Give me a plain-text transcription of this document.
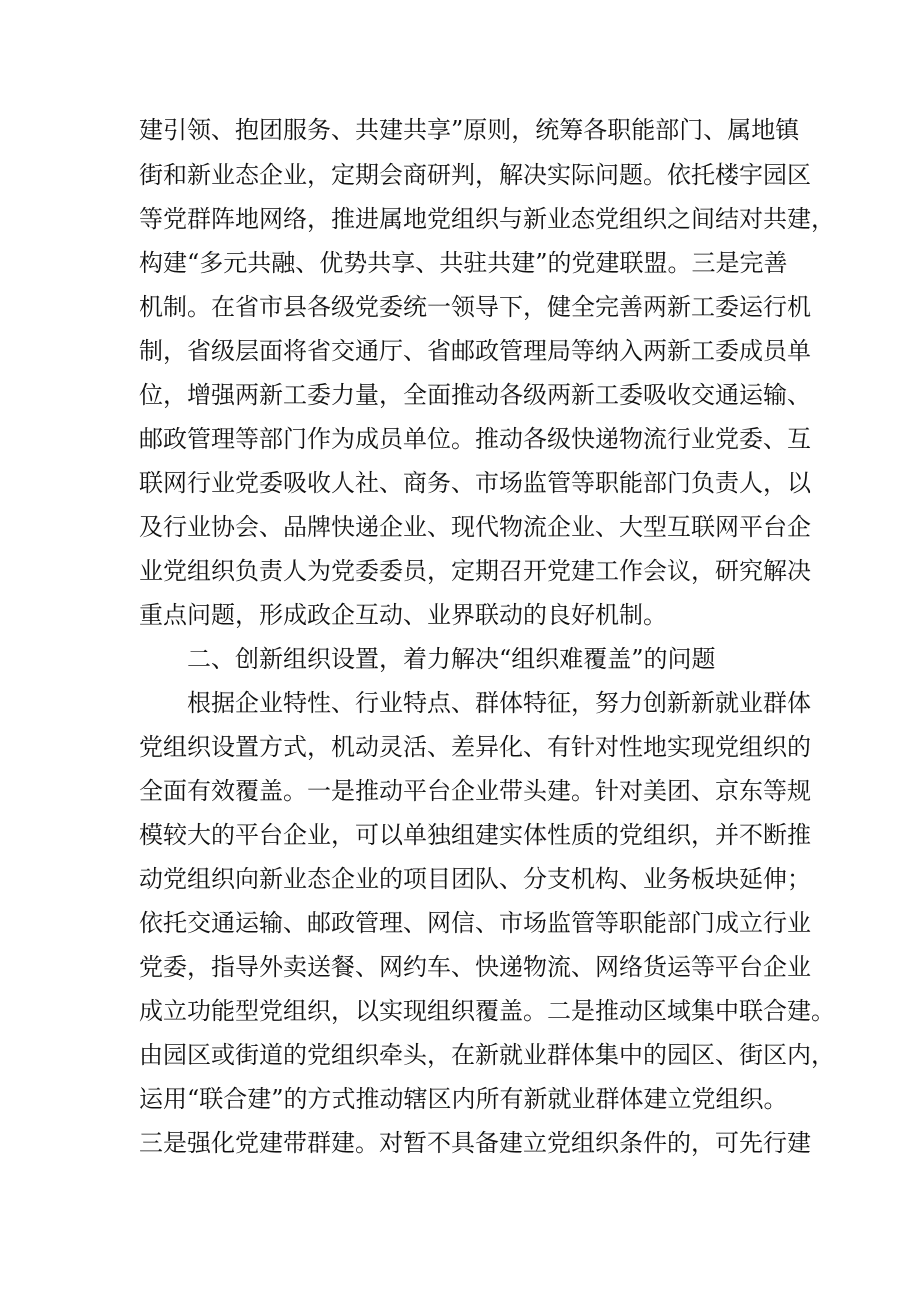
建引领、抱团服务、共建共享”原则，统筹各职能部门、属地镇
街和新业态企业，定期会商研判，解决实际问题。依托楼宇园区
等党群阵地网络，推进属地党组织与新业态党组织之间结对共建，
构建“多元共融、优势共享、共驻共建”的党建联盟。三是完善
机制。在省市县各级党委统一领导下，健全完善两新工委运行机
制，省级层面将省交通厅、省邮政管理局等纳入两新工委成员单
位，增强两新工委力量，全面推动各级两新工委吸收交通运输、
邮政管理等部门作为成员单位。推动各级快递物流行业党委、互
联网行业党委吸收人社、商务、市场监管等职能部门负责人，以
及行业协会、品牌快递企业、现代物流企业、大型互联网平台企
业党组织负责人为党委委员，定期召开党建工作会议，研究解决
重点问题，形成政企互动、业界联动的良好机制。
二、创新组织设置，着力解决“组织难覆盖”的问题
根据企业特性、行业特点、群体特征，努力创新新就业群体
党组织设置方式，机动灵活、差异化、有针对性地实现党组织的
全面有效覆盖。一是推动平台企业带头建。针对美团、京东等规
模较大的平台企业，可以单独组建实体性质的党组织，并不断推
动党组织向新业态企业的项目团队、分支机构、业务板块延伸；
依托交通运输、邮政管理、网信、市场监管等职能部门成立行业
党委，指导外卖送餐、网约车、快递物流、网络货运等平台企业
成立功能型党组织，以实现组织覆盖。二是推动区域集中联合建。
由园区或街道的党组织牵头，在新就业群体集中的园区、街区内，
运用“联合建”的方式推动辖区内所有新就业群体建立党组织。
三是强化党建带群建。对暂不具备建立党组织条件的，可先行建
